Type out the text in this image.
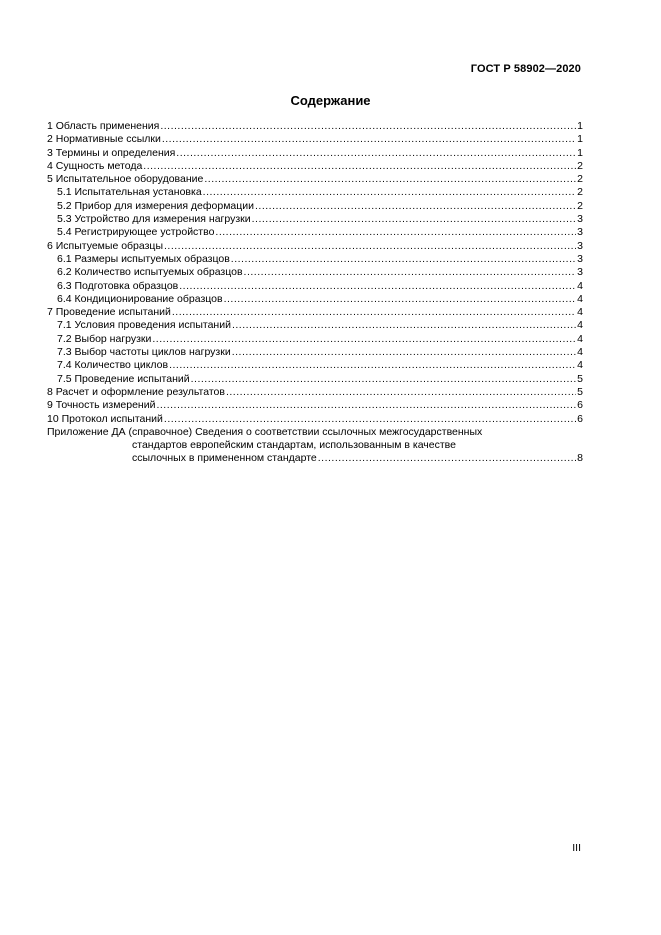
ГОСТ Р 58902—2020
Содержание
1 Область применения .....	1
2 Нормативные ссылки .....	1
3 Термины и определения .....	1
4 Сущность метода .....	2
5 Испытательное оборудование .....	2
5.1 Испытательная установка .....	2
5.2 Прибор для измерения деформации .....	2
5.3 Устройство для измерения нагрузки .....	3
5.4 Регистрирующее устройство .....	3
6 Испытуемые образцы .....	3
6.1 Размеры испытуемых образцов .....	3
6.2 Количество испытуемых образцов .....	3
6.3 Подготовка образцов .....	4
6.4 Кондиционирование образцов .....	4
7 Проведение испытаний .....	4
7.1 Условия проведения испытаний .....	4
7.2 Выбор нагрузки .....	4
7.3 Выбор частоты циклов нагрузки .....	4
7.4 Количество циклов .....	4
7.5 Проведение испытаний .....	5
8 Расчет и оформление результатов .....	5
9 Точность измерений .....	6
10 Протокол испытаний .....	6
Приложение ДА (справочное) Сведения о соответствии ссылочных межгосударственных
стандартов европейским стандартам, использованным в качестве
ссылочных в примененном стандарте .....	8
III
